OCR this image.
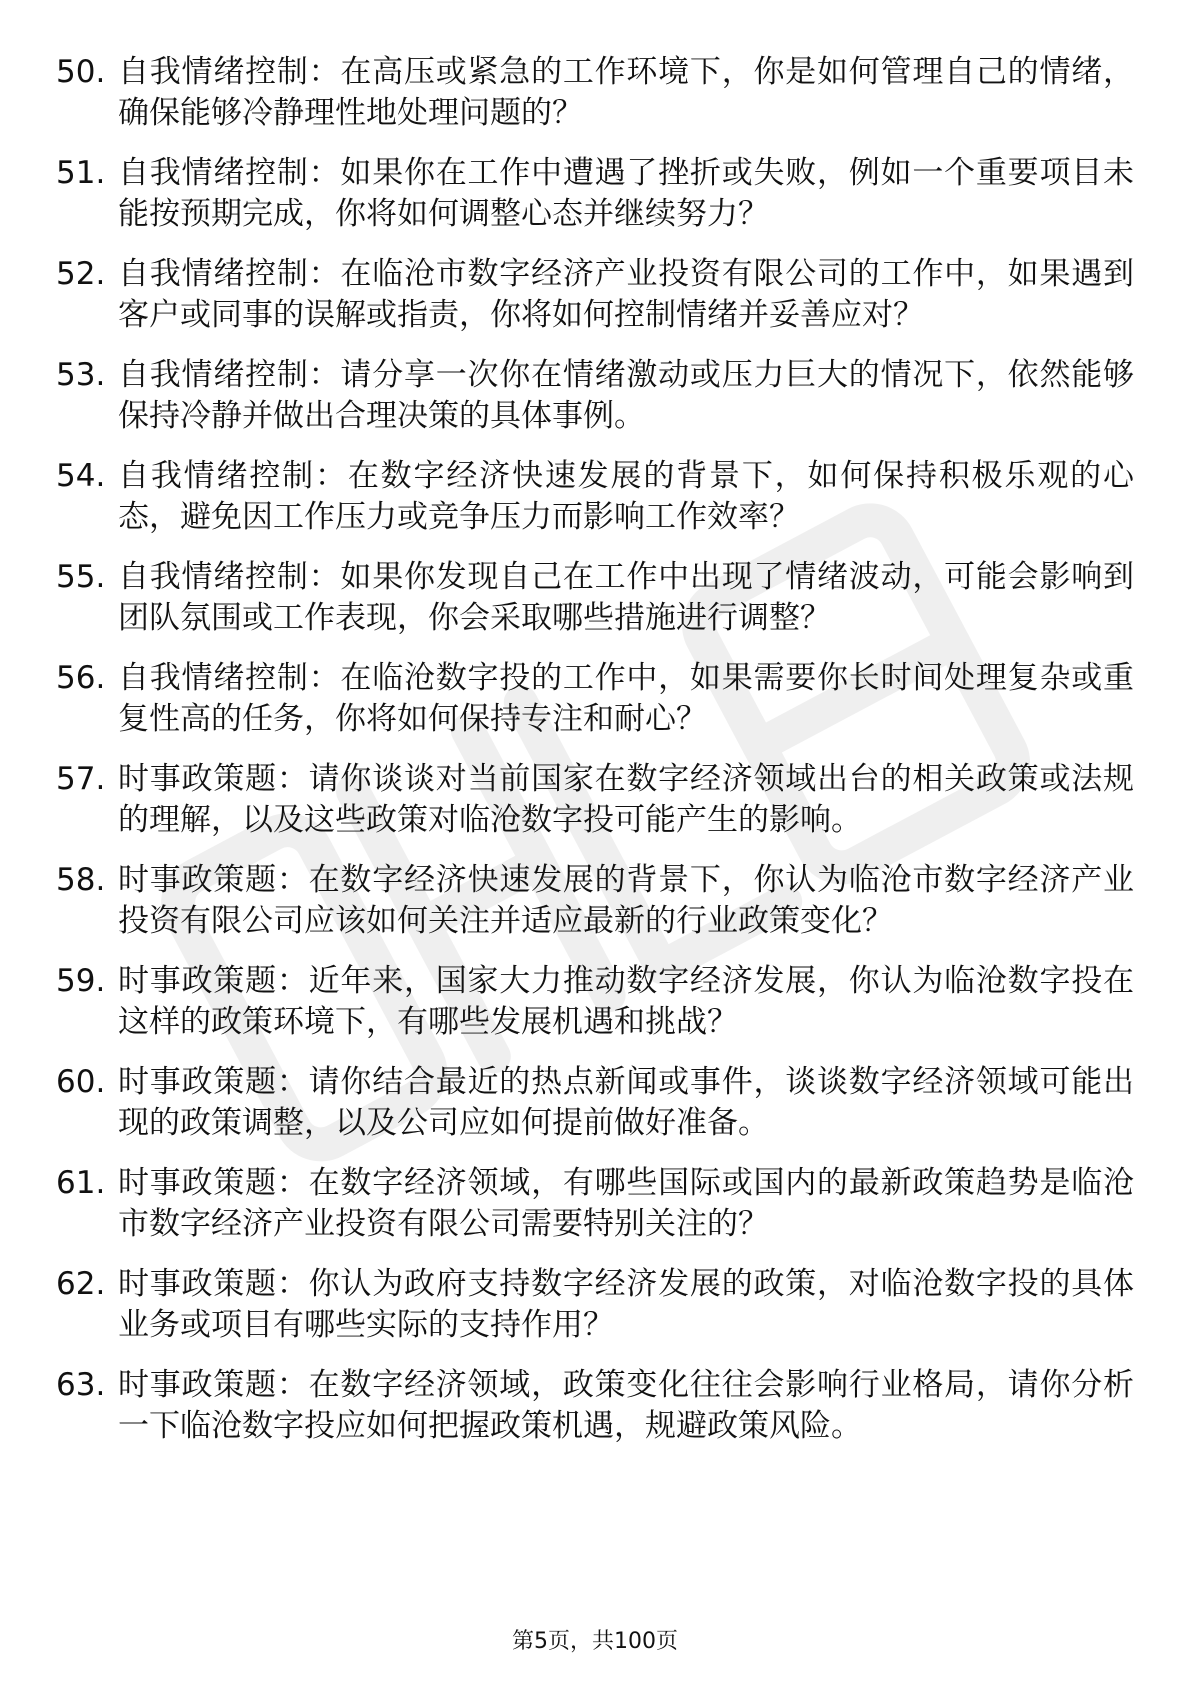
50. 自我情绪控制：在高压或紧急的工作环境下，你是如何管理自己的情绪，确保能够冷静理性地处理问题的？
51. 自我情绪控制：如果你在工作中遭遇了挫折或失败，例如一个重要项目未能按预期完成，你将如何调整心态并继续努力？
52. 自我情绪控制：在临沧市数字经济产业投资有限公司的工作中，如果遇到客户或同事的误解或指责，你将如何控制情绪并妥善应对？
53. 自我情绪控制：请分享一次你在情绪激动或压力巨大的情况下，依然能够保持冷静并做出合理决策的具体事例。
54. 自我情绪控制：在数字经济快速发展的背景下，如何保持积极乐观的心态，避免因工作压力或竞争压力而影响工作效率？
55. 自我情绪控制：如果你发现自己在工作中出现了情绪波动，可能会影响到团队氛围或工作表现，你会采取哪些措施进行调整？
56. 自我情绪控制：在临沧数字投的工作中，如果需要你长时间处理复杂或重复性高的任务，你将如何保持专注和耐心？
57. 时事政策题：请你谈谈对当前国家在数字经济领域出台的相关政策或法规的理解，以及这些政策对临沧数字投可能产生的影响。
58. 时事政策题：在数字经济快速发展的背景下，你认为临沧市数字经济产业投资有限公司应该如何关注并适应最新的行业政策变化？
59. 时事政策题：近年来，国家大力推动数字经济发展，你认为临沧数字投在这样的政策环境下，有哪些发展机遇和挑战？
60. 时事政策题：请你结合最近的热点新闻或事件，谈谈数字经济领域可能出现的政策调整，以及公司应如何提前做好准备。
61. 时事政策题：在数字经济领域，有哪些国际或国内的最新政策趋势是临沧市数字经济产业投资有限公司需要特别关注的？
62. 时事政策题：你认为政府支持数字经济发展的政策，对临沧数字投的具体业务或项目有哪些实际的支持作用？
63. 时事政策题：在数字经济领域，政策变化往往会影响行业格局，请你分析一下临沧数字投应如何把握政策机遇，规避政策风险。
第5页，共100页
